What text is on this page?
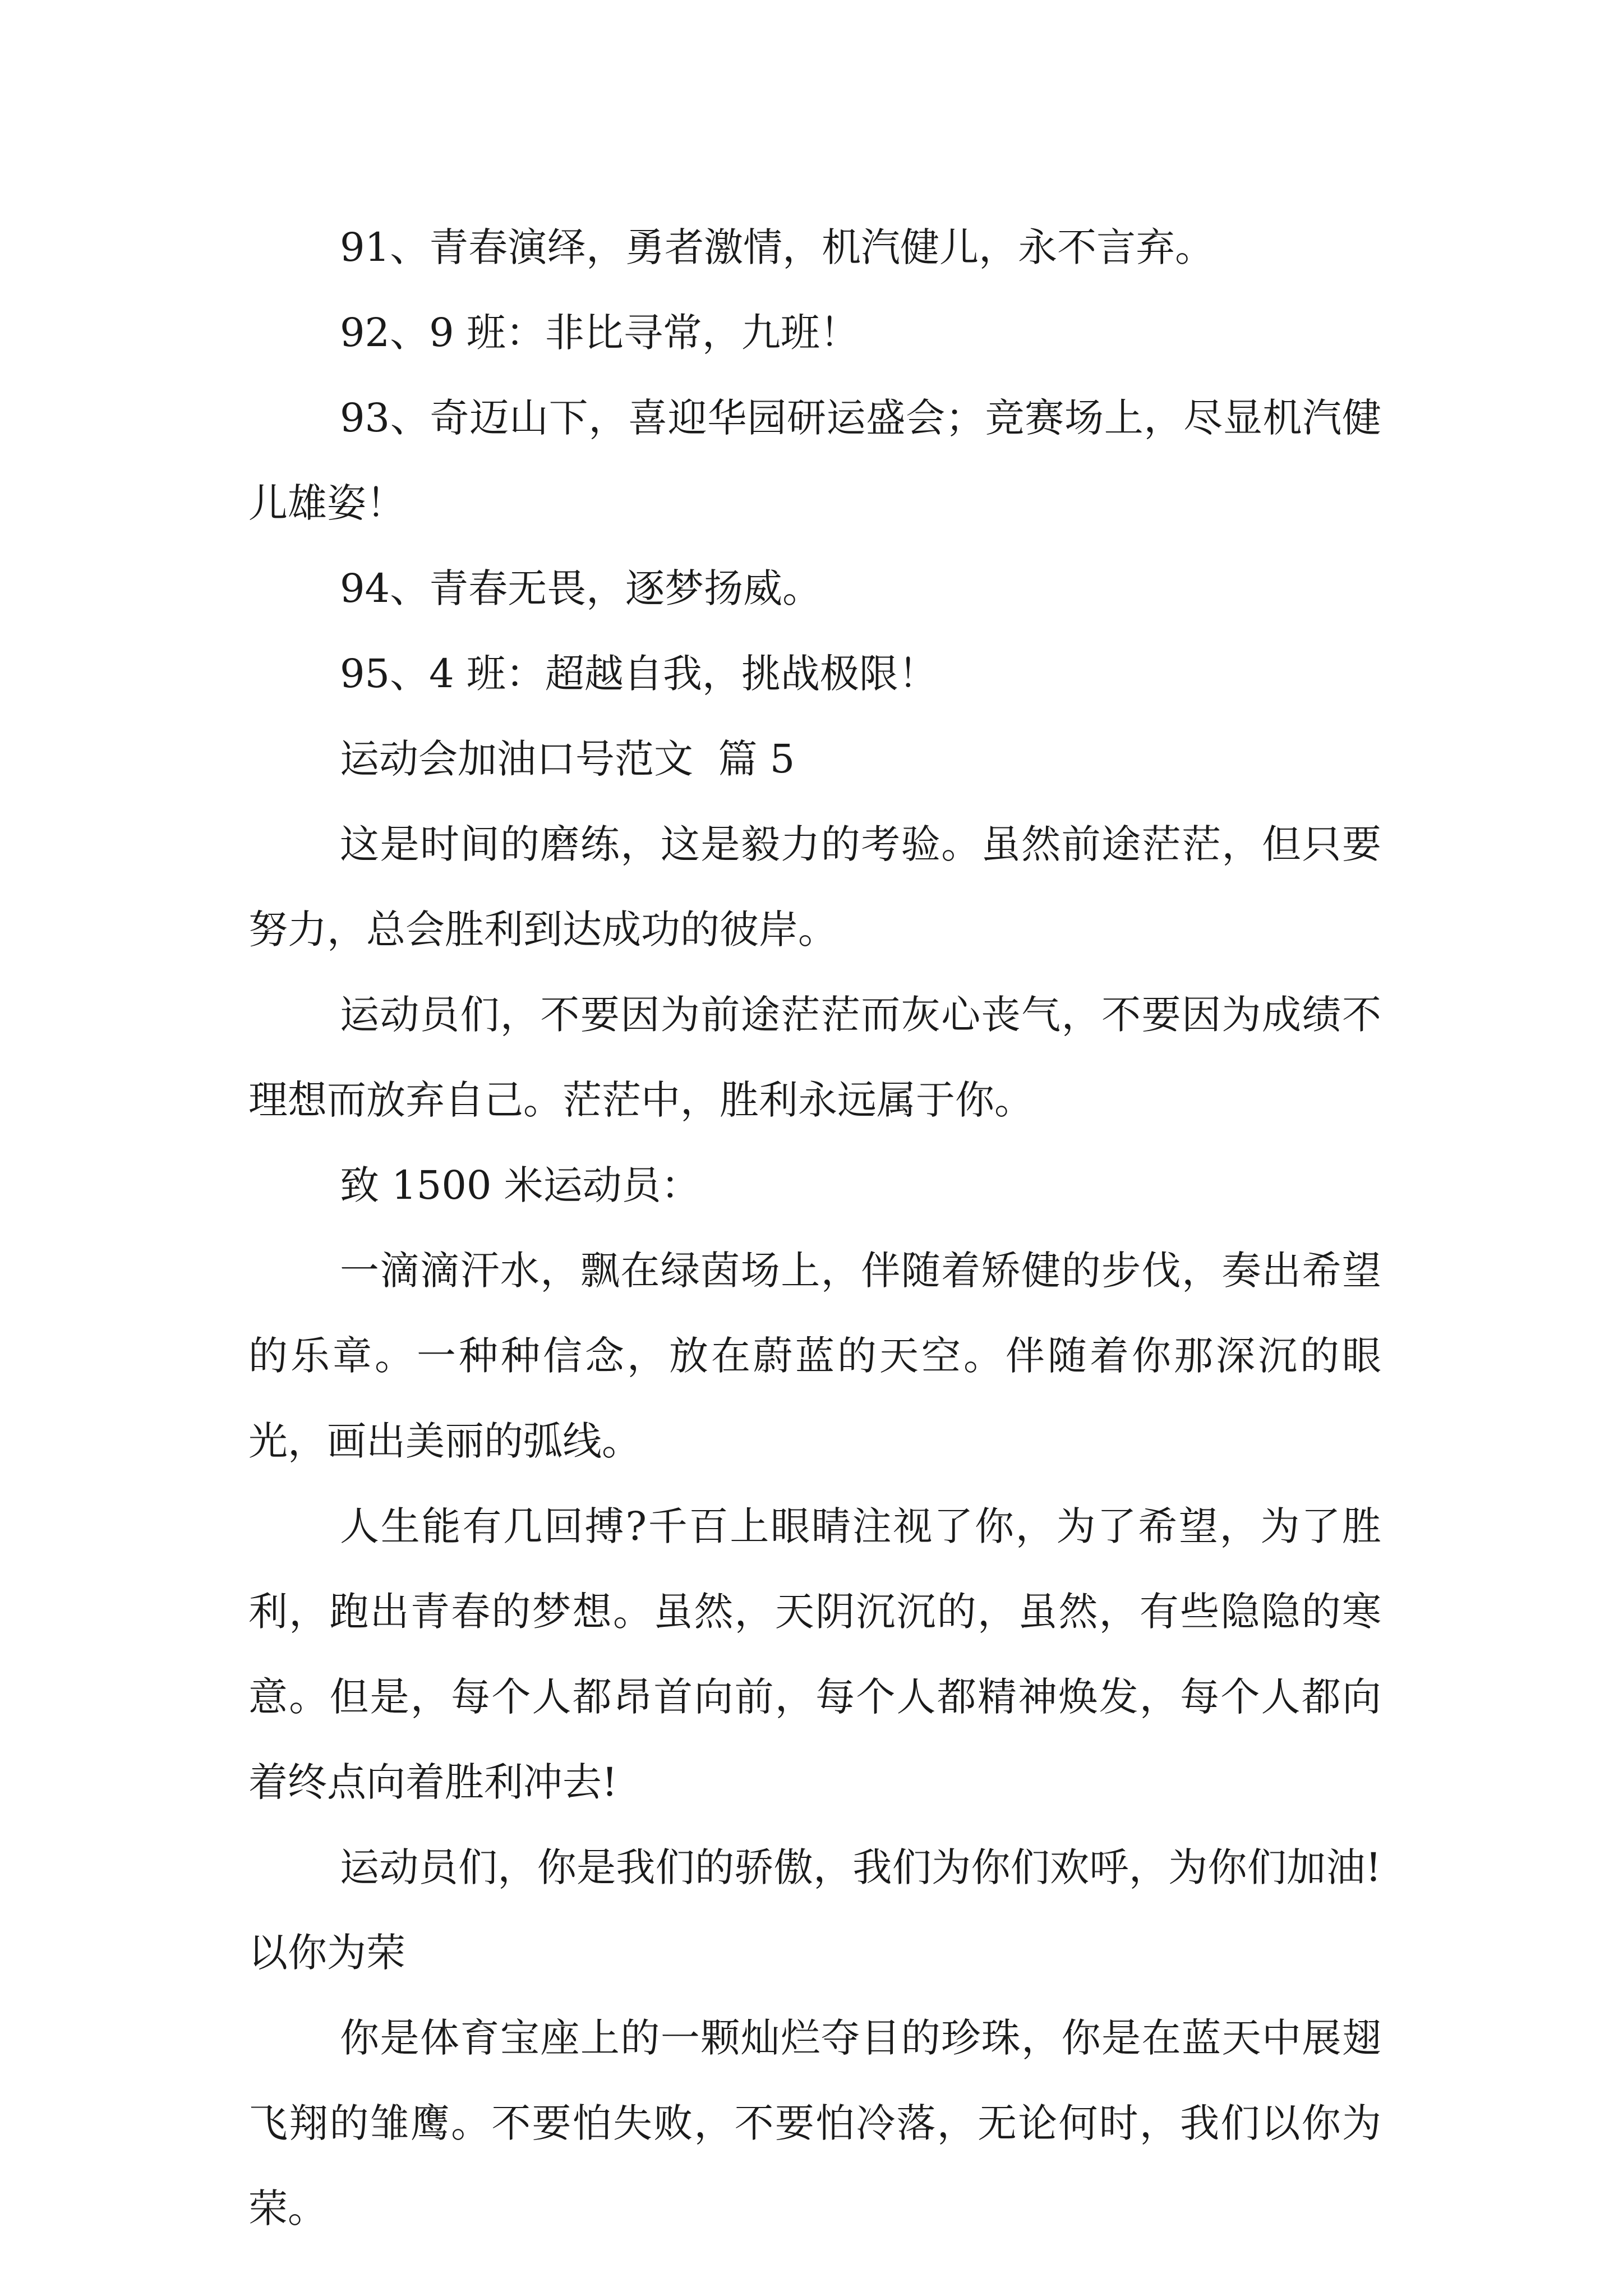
91、青春演绎，勇者激情，机汽健儿，永不言弃。

92、9 班：非比寻常，九班！

93、奇迈山下，喜迎华园研运盛会；竞赛场上，尽显机汽健儿雄姿！

94、青春无畏，逐梦扬威。

95、4 班：超越自我，挑战极限！

运动会加油口号范文  篇 5

这是时间的磨练，这是毅力的考验。虽然前途茫茫，但只要努力，总会胜利到达成功的彼岸。

运动员们，不要因为前途茫茫而灰心丧气，不要因为成绩不理想而放弃自己。茫茫中，胜利永远属于你。

致 1500 米运动员：

一滴滴汗水，飘在绿茵场上，伴随着矫健的步伐，奏出希望的乐章。一种种信念，放在蔚蓝的天空。伴随着你那深沉的眼光，画出美丽的弧线。

人生能有几回搏?千百上眼睛注视了你，为了希望，为了胜利，跑出青春的梦想。虽然，天阴沉沉的，虽然，有些隐隐的寒意。但是，每个人都昂首向前，每个人都精神焕发，每个人都向着终点向着胜利冲去!

运动员们，你是我们的骄傲，我们为你们欢呼，为你们加油!以你为荣

你是体育宝座上的一颗灿烂夺目的珍珠，你是在蓝天中展翅飞翔的雏鹰。不要怕失败，不要怕冷落，无论何时，我们以你为荣。
